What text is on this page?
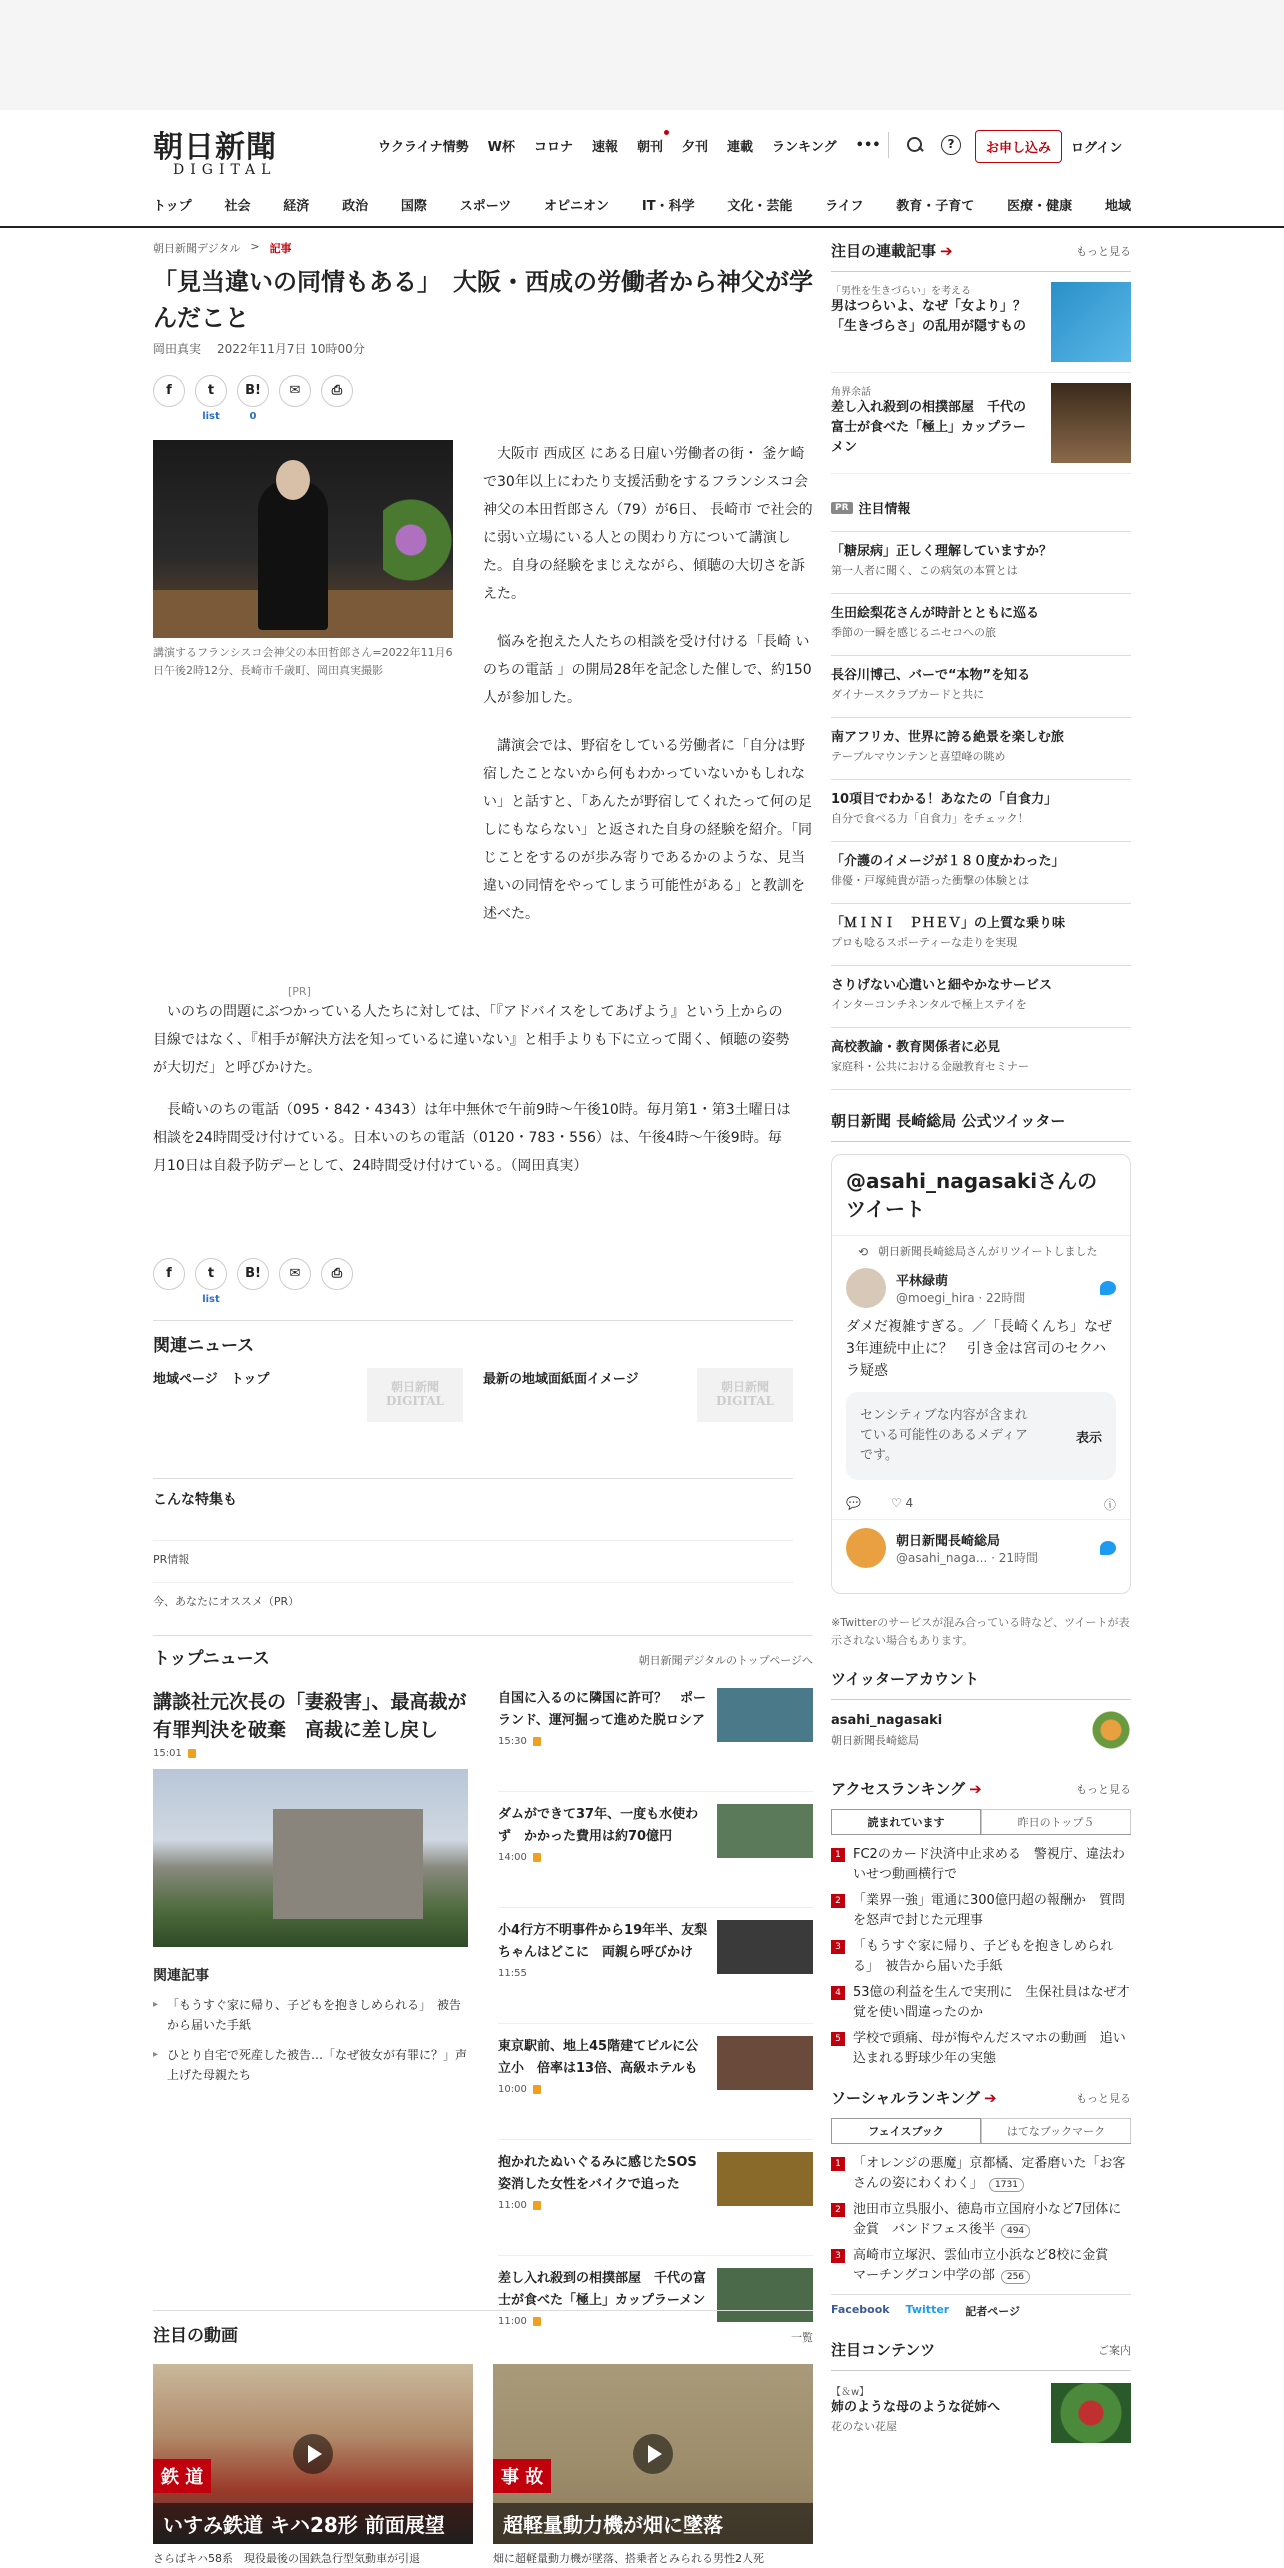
朝日新聞
DIGITAL
ウクライナ情勢 W杯 コロナ 速報 朝刊 夕刊 連載 ランキング •••	?	お申し込み	ログイン
トップ	社会	経済	政治	国際	スポーツ	オピニオン	IT・科学	文化・芸能	ライフ	教育・子育て	医療・健康	地域
朝日新聞デジタル > 記事
「見当違いの同情もある」　大阪・西成の労働者から神父が学んだこと
岡田真実 2022年11月7日 10時00分
f	t
list
B!
0
✉	⎙
講演するフランシスコ会神父の本田哲郎さん=2022年11月6日午後2時12分、長崎市千歳町、岡田真実撮影
[PR]

大阪市 西成区 にある日雇い労働者の街・ 釜ケ崎 で30年以上にわたり支援活動をするフランシスコ会神父の本田哲郎さん（79）が6日、 長崎市 で社会的に弱い立場にいる人との関わり方について講演した。自身の経験をまじえながら、傾聴の大切さを訴えた。

悩みを抱えた人たちの相談を受け付ける「長崎 いのちの電話 」の開局28年を記念した催しで、約150人が参加した。

講演会では、野宿をしている労働者に「自分は野宿したことないから何もわかっていないかもしれない」と話すと、「あんたが野宿してくれたって何の足しにもならない」と返された自身の経験を紹介。「同じことをするのが歩み寄りであるかのような、見当違いの同情をやってしまう可能性がある」と教訓を述べた。

いのちの問題にぶつかっている人たちに対しては、「『アドバイスをしてあげよう』という上からの目線ではなく、『相手が解決方法を知っているに違いない』と相手よりも下に立って聞く、傾聴の姿勢が大切だ」と呼びかけた。

長崎いのちの電話（095・842・4343）は年中無休で午前9時～午後10時。毎月第1・第3土曜日は相談を24時間受け付けている。日本いのちの電話（0120・783・556）は、午後4時～午後9時。毎月10日は自殺予防デーとして、24時間受け付けている。（岡田真実）

f	t
list
B!	✉	⎙
関連ニュース
地域ページ　トップ	朝日新聞 DIGITAL
最新の地域面紙面イメージ	朝日新聞 DIGITAL
こんな特集も
PR情報
今、あなたにオススメ（PR）
トップニュース	朝日新聞デジタルのトップページへ
講談社元次長の「妻殺害」、最高裁が有罪判決を破棄　高裁に差し戻し
15:01
関連記事
▸ 「もうすぐ家に帰り、子どもを抱きしめられる」　被告から届いた手紙
▸ ひとり自宅で死産した被告…「なぜ彼女が有罪に？」声上げた母親たち
自国に入るのに隣国に許可？　ポーランド、運河掘って進めた脱ロシア
15:30
ダムができて37年、一度も水使わず　かかった費用は約70億円
14:00
小4行方不明事件から19年半、友梨ちゃんはどこに　両親ら呼びかけ
11:55
東京駅前、地上45階建てビルに公立小　倍率は13倍、高級ホテルも
10:00
抱かれたぬいぐるみに感じたSOS　姿消した女性をバイクで追った
11:00
差し入れ殺到の相撲部屋　千代の富士が食べた「極上」カップラーメン
11:00
注目の動画	一覧
鉄 道
いすみ鉄道 キハ28形 前面展望
さらばキハ58系　現役最後の国鉄急行型気動車が引退
事 故
超軽量動力機が畑に墜落
畑に超軽量動力機が墜落、搭乗者とみられる男性2人死
注目の連載記事 ➔	もっと見る
「男性を生きづらい」を考える
男はつらいよ、なぜ「女より」？　「生きづらさ」の乱用が隠すもの
角界余話
差し入れ殺到の相撲部屋　千代の富士が食べた「極上」カップラーメン
PR 注目情報
「糖尿病」正しく理解していますか？
第一人者に聞く、この病気の本質とは
生田絵梨花さんが時計とともに巡る
季節の一瞬を感じるニセコへの旅
長谷川博己、バーで“本物”を知る
ダイナースクラブカードと共に
南アフリカ、世界に誇る絶景を楽しむ旅
テーブルマウンテンと喜望峰の眺め
10項目でわかる！あなたの「自食力」
自分で食べる力「自食力」をチェック！
「介護のイメージが１８０度かわった」
俳優・戸塚純貴が語った衝撃の体験とは
「ＭＩＮＩ　ＰＨＥＶ」の上質な乗り味
プロも唸るスポーティーな走りを実現
さりげない心遣いと細やかなサービス
インターコンチネンタルで極上ステイを
高校教諭・教育関係者に必見
家庭科・公共における金融教育セミナー
朝日新聞 長崎総局 公式ツイッター
@asahi_nagasakiさんのツイート
⟲ 朝日新聞長崎総局さんがリツイートしました
平林緑萌
@moegi_hira · 22時間
ダメだ複雑すぎる。／「長崎くんち」なぜ3年連続中止に？　引き金は宮司のセクハラ疑惑
センシティブな内容が含まれている可能性のあるメディアです。
表示
💬	♡ 4	ⓘ
朝日新聞長崎総局
@asahi_naga... · 21時間
※Twitterのサービスが混み合っている時など、ツイートが表示されない場合もあります。
ツイッターアカウント
asahi_nagasaki
朝日新聞長崎総局
アクセスランキング ➔	もっと見る
読まれています	昨日のトップ５
1 FC2のカード決済中止求める　警視庁、違法わいせつ動画横行で
2 「業界一強」電通に300億円超の報酬か　質問を怒声で封じた元理事
3 「もうすぐ家に帰り、子どもを抱きしめられる」　被告から届いた手紙
4 53億の利益を生んで実刑に　生保社員はなぜ才覚を使い間違ったのか
5 学校で頭痛、母が悔やんだスマホの動画　追い込まれる野球少年の実態
ソーシャルランキング ➔	もっと見る
フェイスブック	はてなブックマーク
1 「オレンジの悪魔」京都橘、定番磨いた「お客さんの姿にわくわく」 1731
2 池田市立呉服小、徳島市立国府小など7団体に金賞　バンドフェス後半 494
3 高崎市立塚沢、雲仙市立小浜など8校に金賞　マーチングコン中学の部 256
Facebook Twitter 記者ページ
注目コンテンツ	ご案内
【＆w】
姉のような母のような従姉へ
花のない花屋
